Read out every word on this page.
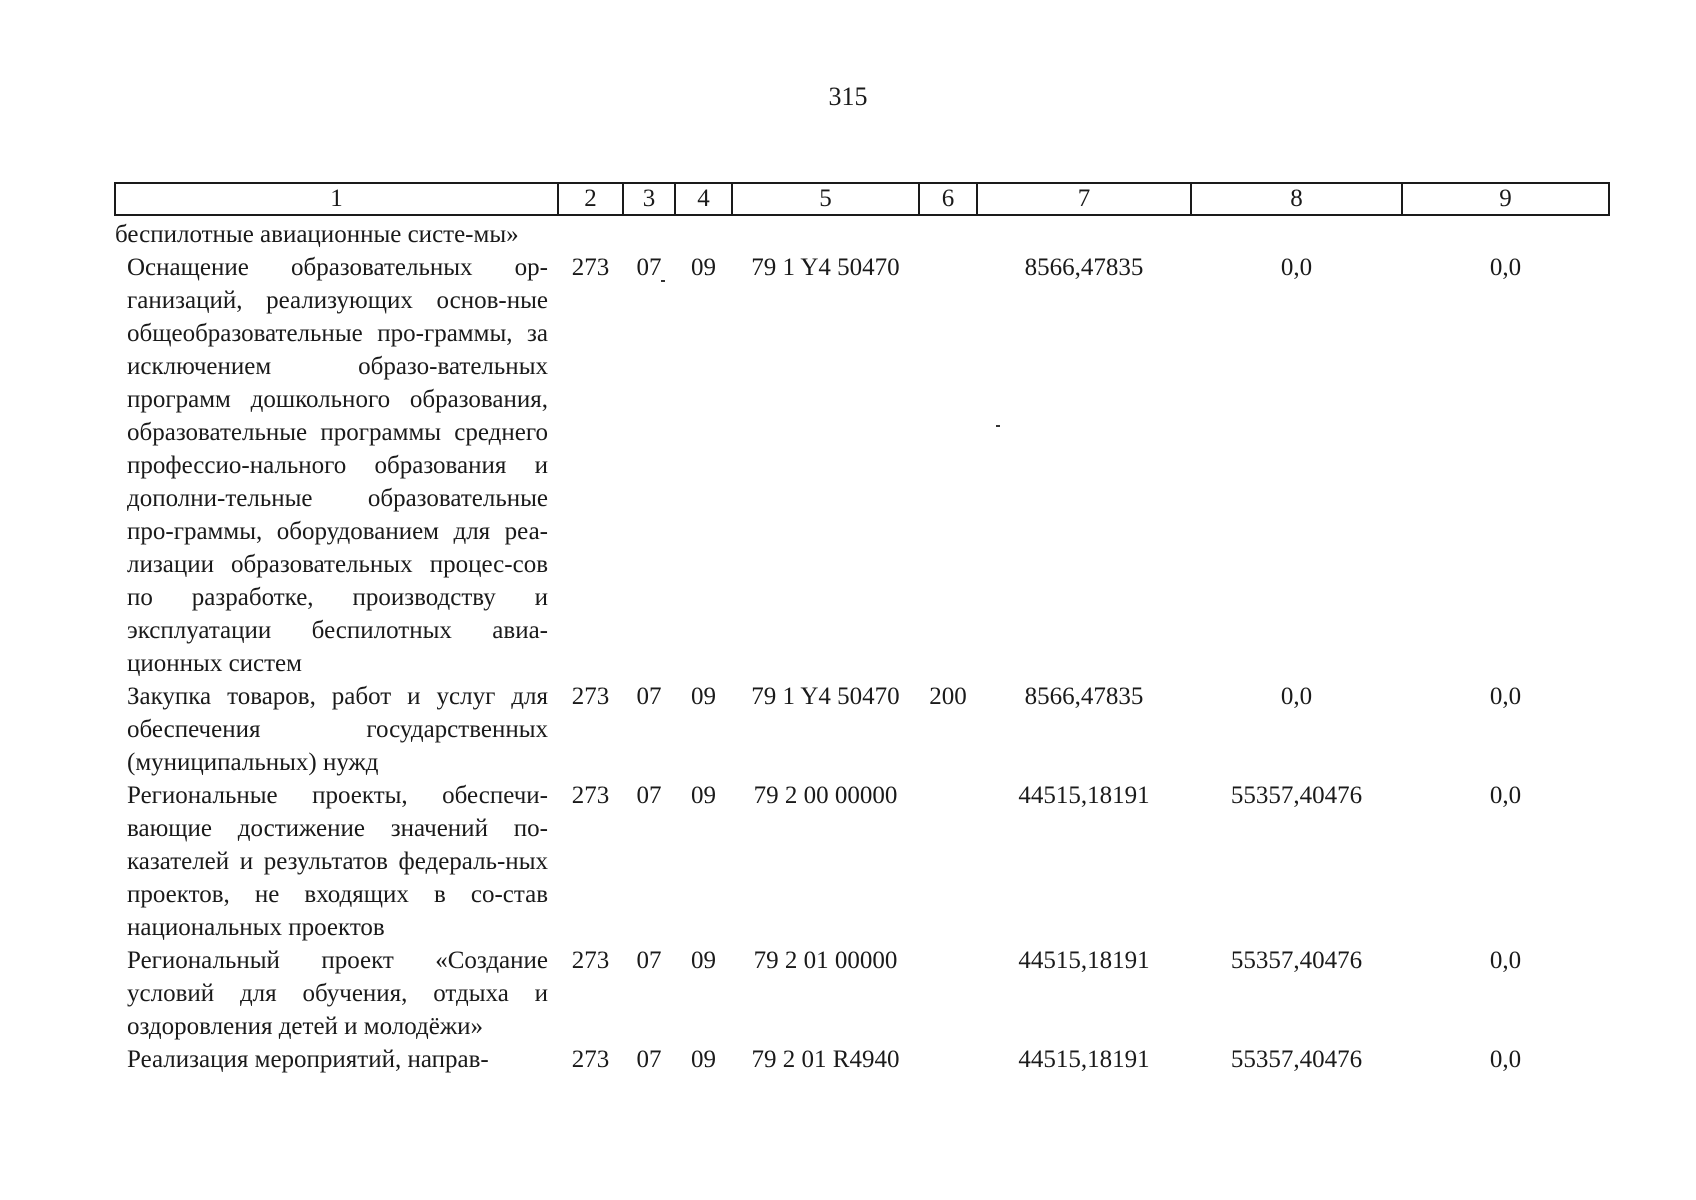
315
1	2	3	4	5	6	7	8	9
беспилотные авиационные систе-мы»								
Оснащение образовательных ор-ганизаций, реализующих основ-ные общеобразовательные про-граммы, за исключением образо-вательных программ дошкольного образования, образовательные программы среднего профессио-нального образования и дополни-тельные образовательные про-граммы, оборудованием для реа-лизации образовательных процес-сов по разработке, производству и эксплуатации беспилотных авиа-ционных систем	273	07	09	79 1 Y4 50470		8566,47835	0,0	0,0
Закупка товаров, работ и услуг для обеспечения государственных (муниципальных) нужд	273	07	09	79 1 Y4 50470	200	8566,47835	0,0	0,0
Региональные проекты, обеспечи-вающие достижение значений по-казателей и результатов федераль-ных проектов, не входящих в со-став национальных проектов	273	07	09	79 2 00 00000		44515,18191	55357,40476	0,0
Региональный проект «Создание условий для обучения, отдыха и оздоровления детей и молодёжи»	273	07	09	79 2 01 00000		44515,18191	55357,40476	0,0
Реализация мероприятий, направ-	273	07	09	79 2 01 R4940		44515,18191	55357,40476	0,0
